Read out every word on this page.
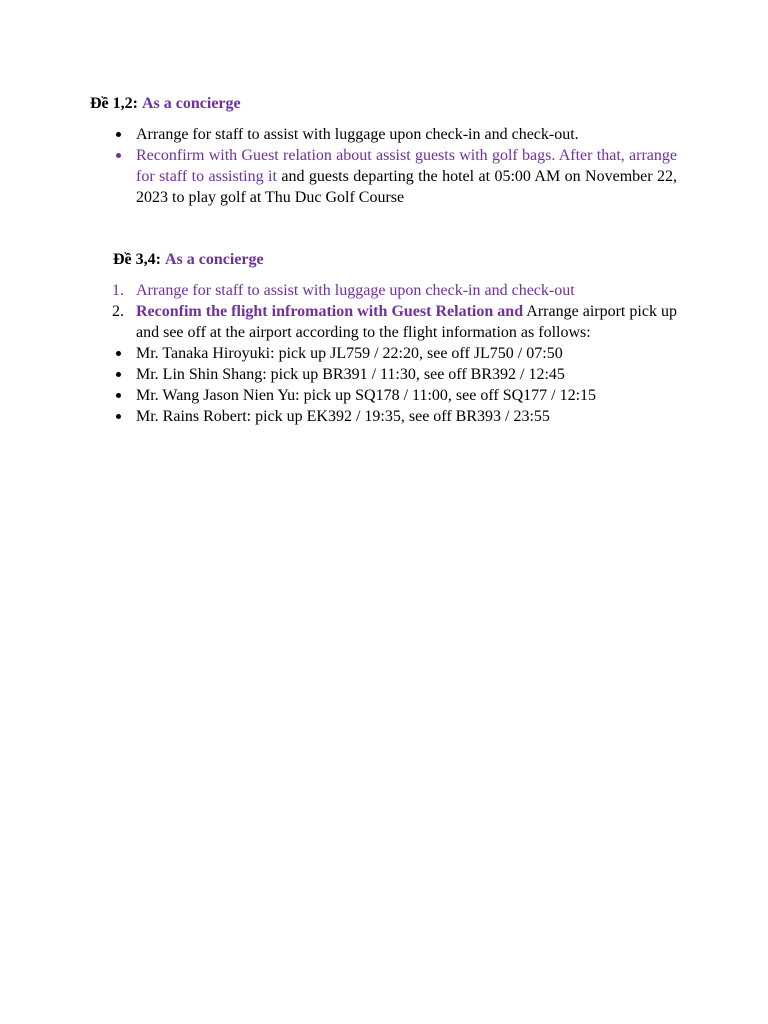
Đề 1,2: As a concierge
Arrange for staff to assist with luggage upon check-in and check-out.
Reconfirm with Guest relation about assist guests with golf bags. After that, arrange for staff to assisting it and guests departing the hotel at 05:00 AM on November 22, 2023 to play golf at Thu Duc Golf Course
Đề 3,4: As a concierge
1. Arrange for staff to assist with luggage upon check-in and check-out
2. Reconfim the flight infromation with Guest Relation and Arrange airport pick up and see off at the airport according to the flight information as follows:
Mr. Tanaka Hiroyuki: pick up JL759 / 22:20, see off JL750 / 07:50
Mr. Lin Shin Shang: pick up BR391 / 11:30, see off BR392 / 12:45
Mr. Wang Jason Nien Yu: pick up SQ178 / 11:00, see off SQ177 / 12:15
Mr. Rains Robert: pick up EK392 / 19:35, see off BR393 / 23:55
